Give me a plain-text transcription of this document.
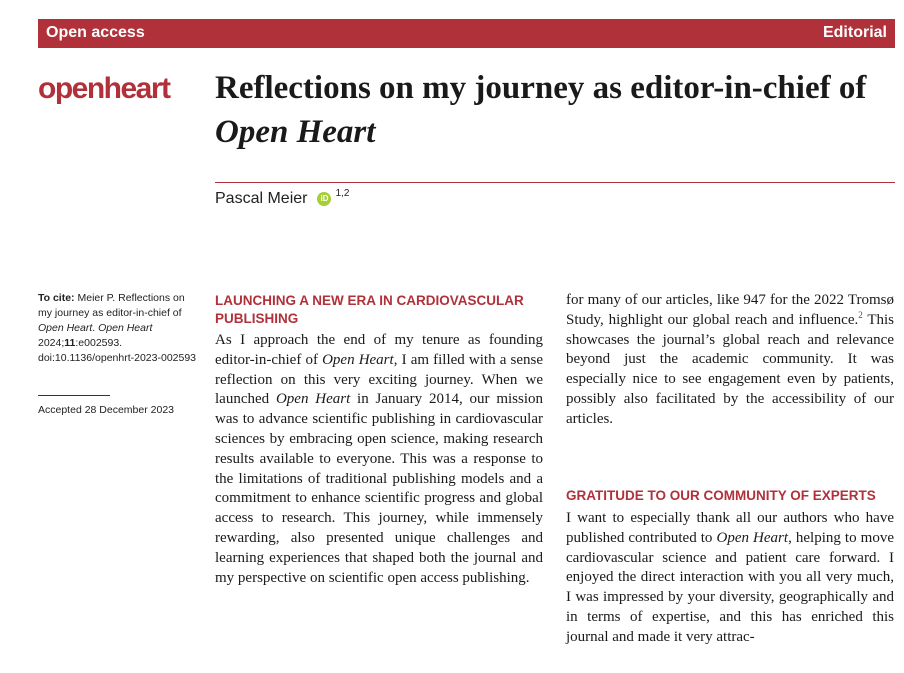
Open access	Editorial
openheart Reflections on my journey as editor-in-chief of Open Heart
Pascal Meier	iD 1,2
To cite: Meier P. Reflections on my journey as editor-in-chief of Open Heart. Open Heart 2024;11:e002593. doi:10.1136/openhrt-2023-002593
Accepted 28 December 2023
LAUNCHING A NEW ERA IN CARDIOVASCULAR PUBLISHING
As I approach the end of my tenure as founding editor-in-chief of Open Heart, I am filled with a sense reflection on this very exciting journey. When we launched Open Heart in January 2014, our mission was to advance scientific publishing in cardiovascular sciences by embracing open science, making research results available to everyone. This was a response to the limitations of traditional publishing models and a commitment to enhance scientific progress and global access to research. This journey, while immensely rewarding, also presented unique challenges and learning experiences that shaped both the journal and my perspective on scientific open access publishing.
for many of our articles, like 947 for the 2022 Tromsø Study, highlight our global reach and influence.$^2$ This showcases the journal’s global reach and relevance beyond just the academic community. It was especially nice to see engagement even by patients, possibly also facilitated by the accessibility of our articles.
GRATITUDE TO OUR COMMUNITY OF EXPERTS
I want to especially thank all our authors who have published contributed to Open Heart, helping to move cardiovascular science and patient care forward. I enjoyed the direct interaction with you all very much, I was impressed by your diversity, geographically and in terms of expertise, and this has enriched this journal and made it very attrac-
